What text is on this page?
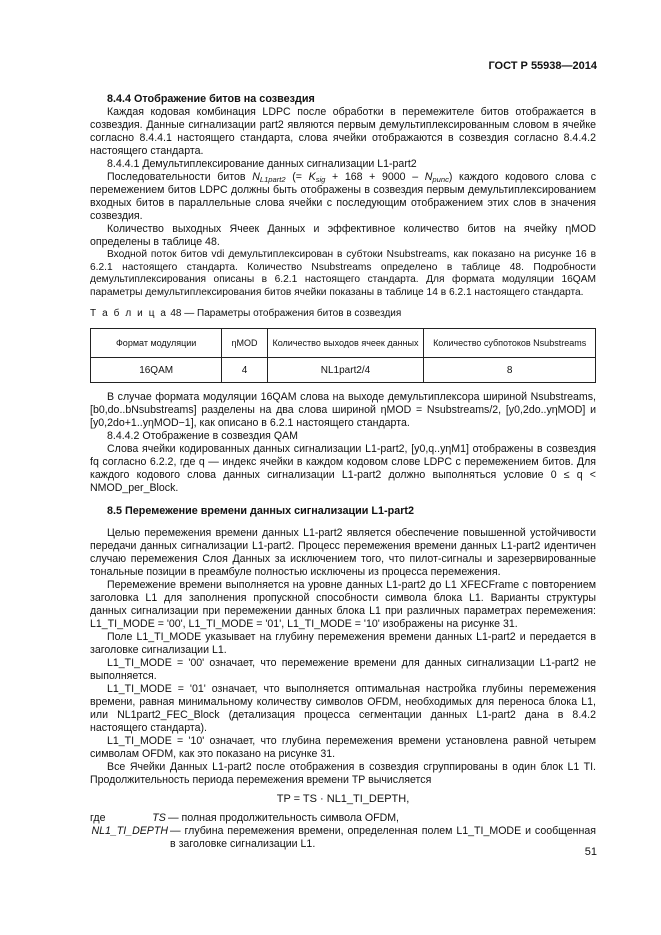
ГОСТ Р 55938—2014
8.4.4 Отображение битов на созвездия

Каждая кодовая комбинация LDPC после обработки в перемежителе битов отображается в созвездия. Данные сигнализации part2 являются первым демультиплексированным словом в ячейке согласно 8.4.4.1 настоящего стандарта, слова ячейки отображаются в созвездия согласно 8.4.4.2 настоящего стандарта.

8.4.4.1 Демультиплексирование данных сигнализации L1-part2

Последовательности битов $N_{L1part2}$ (= $K_{sig} + 168 + 9000 - N_{punc}$) каждого кодового слова с перемежением битов LDPC должны быть отображены в созвездия первым демультиплексированием входных битов в параллельные слова ячейки с последующим отображением этих слов в значения созвездия.

Количество выходных Ячеек Данных и эффективное количество битов на ячейку ηMOD определены в таблице 48.

Входной поток битов vdi демультиплексирован в субтоки Nsubstreams, как показано на рисунке 16 в 6.2.1 настоящего стандарта. Количество Nsubstreams определено в таблице 48. Подробности демультиплексирования описаны в 6.2.1 настоящего стандарта. Для формата модуляции 16QAM параметры демультиплексирования битов ячейки показаны в таблице 14 в 6.2.1 настоящего стандарта.

Т а б л и ц а 48 — Параметры отображения битов в созвездия
Формат модуляции	ηMOD	Количество выходов ячеек данных	Количество субпотоков Nsubstreams
16QAM	4	NL1part2/4	8

В случае формата модуляции 16QAM слова на выходе демультиплексора шириной Nsubstreams, [b0,do..bNsubstreams] разделены на два слова шириной ηMOD = Nsubstreams/2, [y0,2do..yηMOD] и [y0,2do+1..yηMOD−1], как описано в 6.2.1 настоящего стандарта.

8.4.4.2 Отображение в созвездия QAM

Слова ячейки кодированных данных сигнализации L1-part2, [y0,q..yηM1] отображены в созвездия fq согласно 6.2.2, где q — индекс ячейки в каждом кодовом слове LDPC с перемежением битов. Для каждого кодового слова данных сигнализации L1-part2 должно выполняться условие 0 ≤ q < NMOD_per_Block.

8.5 Перемежение времени данных сигнализации L1-part2

Целью перемежения времени данных L1-part2 является обеспечение повышенной устойчивости передачи данных сигнализации L1-part2. Процесс перемежения времени данных L1-part2 идентичен случаю перемежения Слоя Данных за исключением того, что пилот-сигналы и зарезервированные тональные позиции в преамбуле полностью исключены из процесса перемежения.

Перемежение времени выполняется на уровне данных L1-part2 до L1 XFECFrame с повторением заголовка L1 для заполнения пропускной способности символа блока L1. Варианты структуры данных сигнализации при перемежении данных блока L1 при различных параметрах перемежения: L1_TI_MODE = '00', L1_TI_MODE = '01', L1_TI_MODE = '10' изображены на рисунке 31.

Поле L1_TI_MODE указывает на глубину перемежения времени данных L1-part2 и передается в заголовке сигнализации L1.

L1_TI_MODE = '00' означает, что перемежение времени для данных сигнализации L1-part2 не выполняется.

L1_TI_MODE = '01' означает, что выполняется оптимальная настройка глубины перемежения времени, равная минимальному количеству символов OFDM, необходимых для переноса блока L1, или NL1part2_FEC_Block (детализация процесса сегментации данных L1-part2 дана в 8.4.2 настоящего стандарта).

L1_TI_MODE = '10' означает, что глубина перемежения времени установлена равной четырем символам OFDM, как это показано на рисунке 31.

Все Ячейки Данных L1-part2 после отображения в созвездия сгруппированы в один блок L1 TI. Продолжительность периода перемежения времени TP вычисляется

TP = TS · NL1_TI_DEPTH,
где	TS — полная продолжительность символа OFDM,
NL1_TI_DEPTH — глубина перемежения времени, определенная полем L1_TI_MODE и сообщенная в заголовке сигнализации L1.
51
